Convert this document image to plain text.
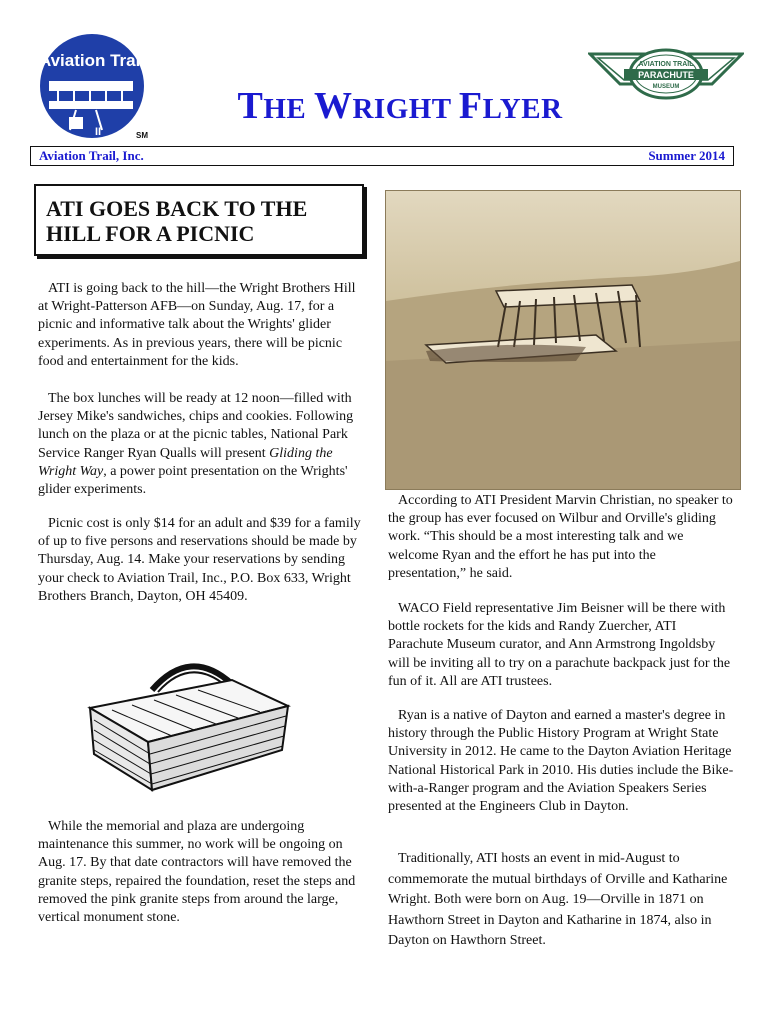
Aviation Trail
II	SM
AVIATION TRAIL
PARACHUTE
MUSEUM
THE WRIGHT FLYER
Aviation Trail, Inc.	Summer 2014
ATI GOES BACK TO THE HILL FOR A PICNIC
ATI is going back to the hill—the Wright Brothers Hill at Wright-Patterson AFB—on Sunday, Aug. 17, for a picnic and informative talk about the Wrights' glider experiments. As in previous years, there will be picnic food and entertainment for the kids.
The box lunches will be ready at 12 noon—filled with Jersey Mike's sandwiches, chips and cookies. Following lunch on the plaza or at the picnic tables, National Park Service Ranger Ryan Qualls will present Gliding the Wright Way, a power point presentation on the Wrights' glider experiments.
Picnic cost is only $14 for an adult and $39 for a family of up to five persons and reservations should be made by Thursday, Aug. 14. Make your reservations by sending your check to Aviation Trail, Inc., P.O. Box 633, Wright Brothers Branch, Dayton, OH 45409.
While the memorial and plaza are undergoing maintenance this summer, no work will be ongoing on Aug. 17. By that date contractors will have removed the granite steps, repaired the foundation, reset the steps and removed the pink granite steps from around the large, vertical monument stone.
According to ATI President Marvin Christian, no speaker to the group has ever focused on Wilbur and Orville's gliding work. “This should be a most interesting talk and we welcome Ryan and the effort he has put into the presentation,” he said.
WACO Field representative Jim Beisner will be there with bottle rockets for the kids and Randy Zuercher, ATI Parachute Museum curator, and Ann Armstrong Ingoldsby will be inviting all to try on a parachute backpack just for the fun of it. All are ATI trustees.
Ryan is a native of Dayton and earned a master's degree in history through the Public History Program at Wright State University in 2012. He came to the Dayton Aviation Heritage National Historical Park in 2010. His duties include the Bike-with-a-Ranger program and the Aviation Speakers Series presented at the Engineers Club in Dayton.
Traditionally, ATI hosts an event in mid-August to commemorate the mutual birthdays of Orville and Katharine Wright. Both were born on Aug. 19—Orville in 1871 on Hawthorn Street in Dayton and Katharine in 1874, also in Dayton on Hawthorn Street.
